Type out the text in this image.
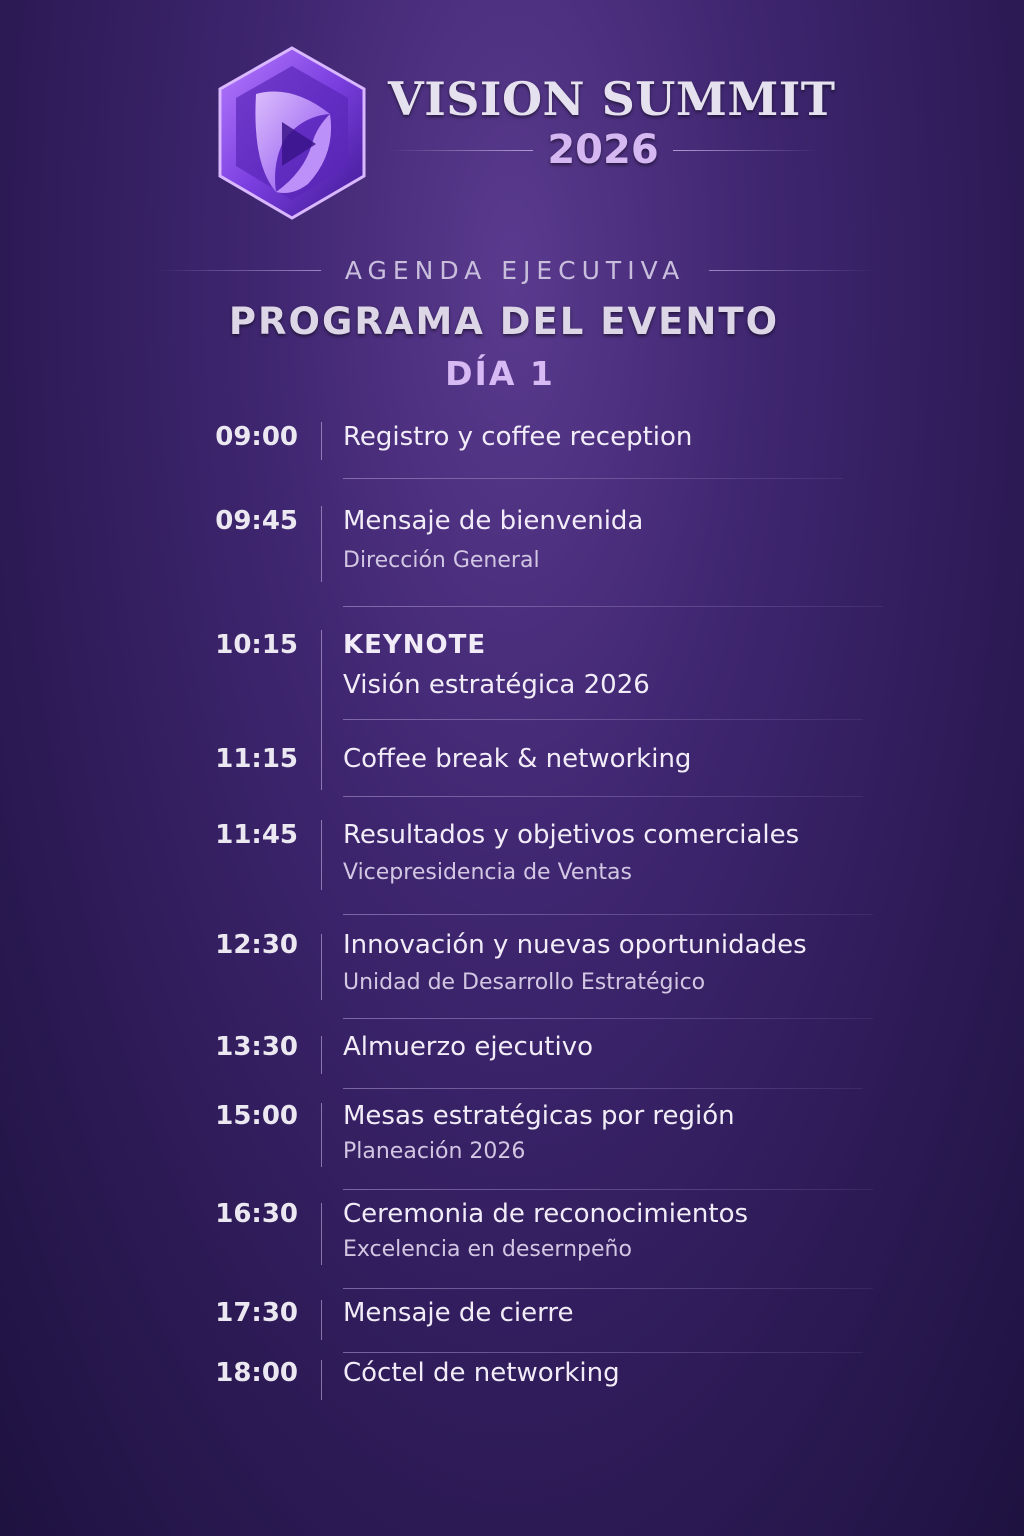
VISION SUMMIT
2026
AGENDA EJECUTIVA
PROGRAMA DEL EVENTO
DÍA 1
09:00 Registro y coffee reception
09:45 Mensaje de bienvenida
Dirección General
10:15 KEYNOTE
Visión estratégica 2026
11:15 Coffee break & networking
11:45 Resultados y objetivos comerciales
Vicepresidencia de Ventas
12:30 Innovación y nuevas oportunidades
Unidad de Desarrollo Estratégico
13:30 Almuerzo ejecutivo
15:00 Mesas estratégicas por región
Planeación 2026
16:30 Ceremonia de reconocimientos
Excelencia en desernpeño
17:30 Mensaje de cierre
18:00 Cóctel de networking
